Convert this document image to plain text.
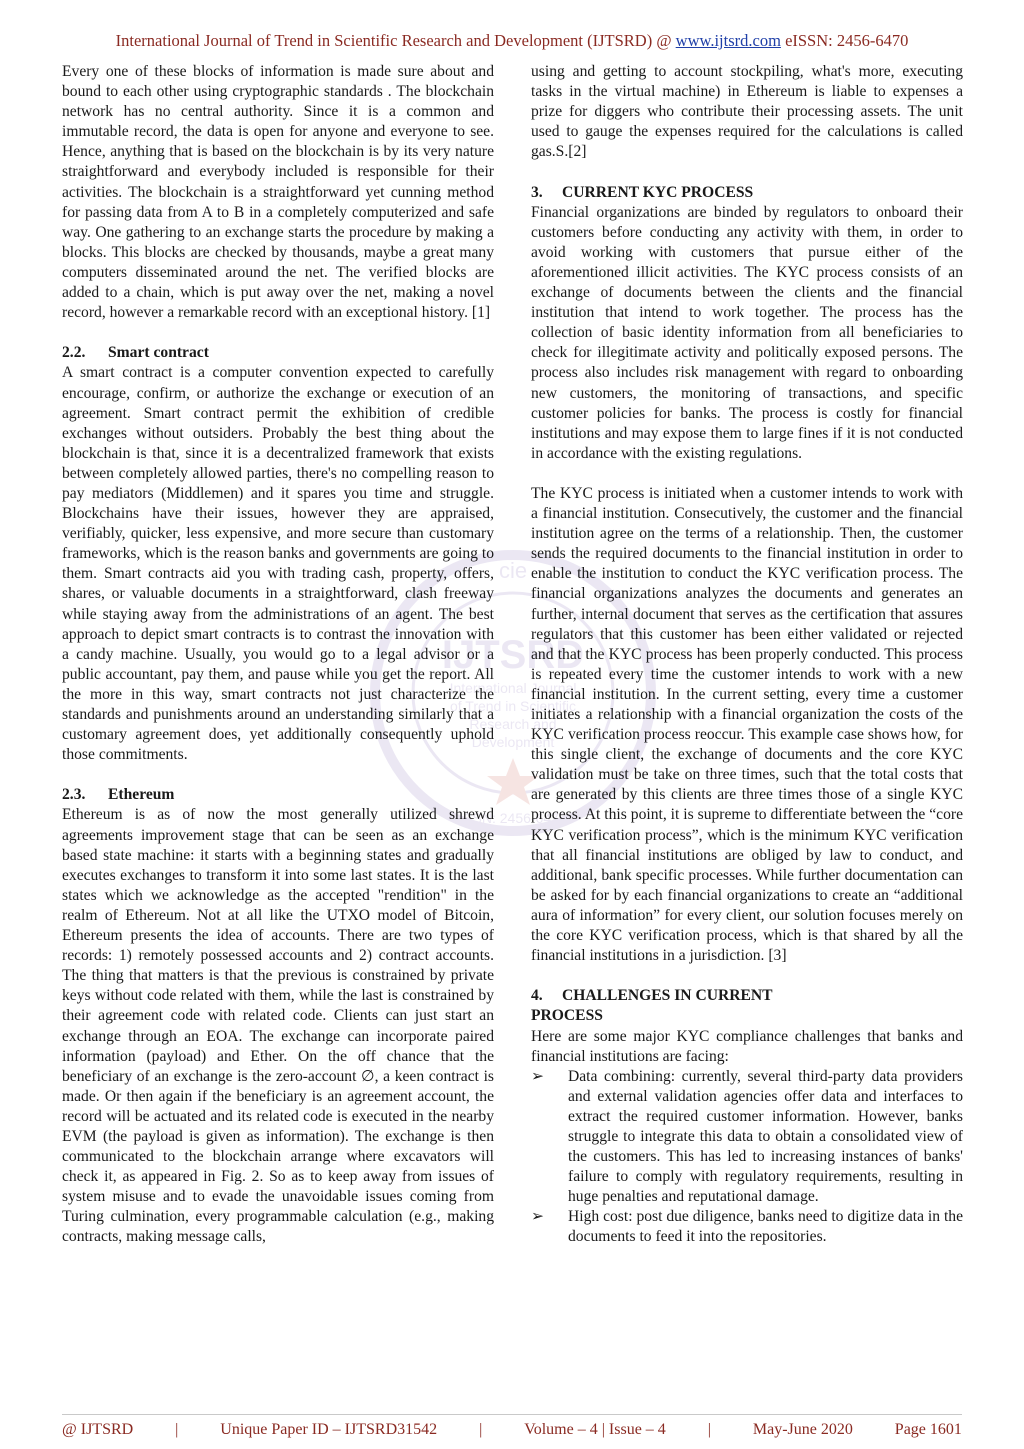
International Journal of Trend in Scientific Research and Development (IJTSRD) @ www.ijtsrd.com eISSN: 2456-6470
cie
IJTSRD
International Journal
of Trend in Scientific
Research and
Development
ISSN: 2456-6470

Every one of these blocks of information is made sure about and bound to each other using cryptographic standards . The blockchain network has no central authority. Since it is a common and immutable record, the data is open for anyone and everyone to see. Hence, anything that is based on the blockchain is by its very nature straightforward and everybody included is responsible for their activities. The blockchain is a straightforward yet cunning method for passing data from A to B in a completely computerized and safe way. One gathering to an exchange starts the procedure by making a blocks. This blocks are checked by thousands, maybe a great many computers disseminated around the net. The verified blocks are added to a chain, which is put away over the net, making a novel record, however a remarkable record with an exceptional history. [1]

2.2. Smart contract

A smart contract is a computer convention expected to carefully encourage, confirm, or authorize the exchange or execution of an agreement. Smart contract permit the exhibition of credible exchanges without outsiders. Probably the best thing about the blockchain is that, since it is a decentralized framework that exists between completely allowed parties, there's no compelling reason to pay mediators (Middlemen) and it spares you time and struggle. Blockchains have their issues, however they are appraised, verifiably, quicker, less expensive, and more secure than customary frameworks, which is the reason banks and governments are going to them. Smart contracts aid you with trading cash, property, offers, shares, or valuable documents in a straightforward, clash freeway while staying away from the administrations of an agent. The best approach to depict smart contracts is to contrast the innovation with a candy machine. Usually, you would go to a legal advisor or a public accountant, pay them, and pause while you get the report. All the more in this way, smart contracts not just characterize the standards and punishments around an understanding similarly that a customary agreement does, yet additionally consequently uphold those commitments.

2.3. Ethereum

Ethereum is as of now the most generally utilized shrewd agreements improvement stage that can be seen as an exchange based state machine: it starts with a beginning states and gradually executes exchanges to transform it into some last states. It is the last states which we acknowledge as the accepted "rendition" in the realm of Ethereum. Not at all like the UTXO model of Bitcoin, Ethereum presents the idea of accounts. There are two types of records: 1) remotely possessed accounts and 2) contract accounts. The thing that matters is that the previous is constrained by private keys without code related with them, while the last is constrained by their agreement code with related code. Clients can just start an exchange through an EOA. The exchange can incorporate paired information (payload) and Ether. On the off chance that the beneficiary of an exchange is the zero-account ∅, a keen contract is made. Or then again if the beneficiary is an agreement account, the record will be actuated and its related code is executed in the nearby EVM (the payload is given as information). The exchange is then communicated to the blockchain arrange where excavators will check it, as appeared in Fig. 2. So as to keep away from issues of system misuse and to evade the unavoidable issues coming from Turing culmination, every programmable calculation (e.g., making contracts, making message calls,

using and getting to account stockpiling, what's more, executing tasks in the virtual machine) in Ethereum is liable to expenses a prize for diggers who contribute their processing assets. The unit used to gauge the expenses required for the calculations is called gas.S.[2]

3. CURRENT KYC PROCESS

Financial organizations are binded by regulators to onboard their customers before conducting any activity with them, in order to avoid working with customers that pursue either of the aforementioned illicit activities. The KYC process consists of an exchange of documents between the clients and the financial institution that intend to work together. The process has the collection of basic identity information from all beneficiaries to check for illegitimate activity and politically exposed persons. The process also includes risk management with regard to onboarding new customers, the monitoring of transactions, and specific customer policies for banks. The process is costly for financial institutions and may expose them to large fines if it is not conducted in accordance with the existing regulations.

The KYC process is initiated when a customer intends to work with a financial institution. Consecutively, the customer and the financial institution agree on the terms of a relationship. Then, the customer sends the required documents to the financial institution in order to enable the institution to conduct the KYC verification process. The financial organizations analyzes the documents and generates an further, internal document that serves as the certification that assures regulators that this customer has been either validated or rejected and that the KYC process has been properly conducted. This process is repeated every time the customer intends to work with a new financial institution. In the current setting, every time a customer initiates a relationship with a financial organization the costs of the KYC verification process reoccur. This example case shows how, for this single client, the exchange of documents and the core KYC validation must be take on three times, such that the total costs that are generated by this clients are three times those of a single KYC process. At this point, it is supreme to differentiate between the “core KYC verification process”, which is the minimum KYC verification that all financial institutions are obliged by law to conduct, and additional, bank specific processes. While further documentation can be asked for by each financial organizations to create an “additional aura of information” for every client, our solution focuses merely on the core KYC verification process, which is that shared by all the financial institutions in a jurisdiction. [3]

4. CHALLENGES IN CURRENT
PROCESS

Here are some major KYC compliance challenges that banks and financial institutions are facing:

➢	Data combining: currently, several third-party data providers and external validation agencies offer data and interfaces to extract the required customer information. However, banks struggle to integrate this data to obtain a consolidated view of the customers. This has led to increasing instances of banks' failure to comply with regulatory requirements, resulting in huge penalties and reputational damage.
➢	High cost: post due diligence, banks need to digitize data in the documents to feed it into the repositories.
@ IJTSRD	|	Unique Paper ID – IJTSRD31542	|	Volume – 4 | Issue – 4	|	May-June 2020	Page 1601
